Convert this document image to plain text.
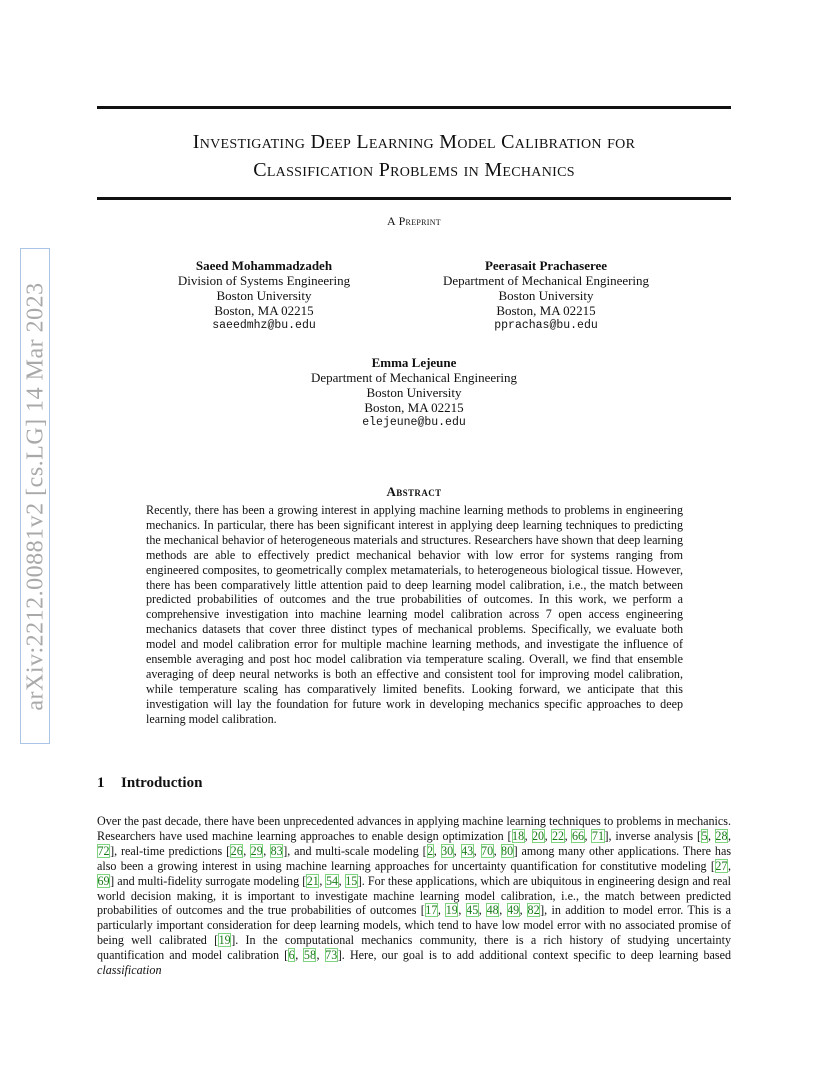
arXiv:2212.00881v2 [cs.LG] 14 Mar 2023
Investigating Deep Learning Model Calibration for
Classification Problems in Mechanics
A Preprint
Saeed Mohammadzadeh
Division of Systems Engineering
Boston University
Boston, MA 02215
saeedmhz@bu.edu
Peerasait Prachaseree
Department of Mechanical Engineering
Boston University
Boston, MA 02215
pprachas@bu.edu
Emma Lejeune
Department of Mechanical Engineering
Boston University
Boston, MA 02215
elejeune@bu.edu
Abstract
Recently, there has been a growing interest in applying machine learning methods to problems in engineering mechanics. In particular, there has been significant interest in applying deep learning techniques to predicting the mechanical behavior of heterogeneous materials and structures. Researchers have shown that deep learning methods are able to effectively predict mechanical behavior with low error for systems ranging from engineered composites, to geometrically complex metamaterials, to heterogeneous biological tissue. However, there has been comparatively little attention paid to deep learning model calibration, i.e., the match between predicted probabilities of outcomes and the true probabilities of outcomes. In this work, we perform a comprehensive investigation into machine learning model calibration across 7 open access engineering mechanics datasets that cover three distinct types of mechanical problems. Specifically, we evaluate both model and model calibration error for multiple machine learning methods, and investigate the influence of ensemble averaging and post hoc model calibration via temperature scaling. Overall, we find that ensemble averaging of deep neural networks is both an effective and consistent tool for improving model calibration, while temperature scaling has comparatively limited benefits. Looking forward, we anticipate that this investigation will lay the foundation for future work in developing mechanics specific approaches to deep learning model calibration.
1 Introduction
Over the past decade, there have been unprecedented advances in applying machine learning techniques to problems in mechanics. Researchers have used machine learning approaches to enable design optimization [18, 20, 22, 66, 71], inverse analysis [5, 28, 72], real-time predictions [26, 29, 83], and multi-scale modeling [2, 30, 43, 70, 80] among many other applications. There has also been a growing interest in using machine learning approaches for uncertainty quantification for constitutive modeling [27, 69] and multi-fidelity surrogate modeling [21, 54, 15]. For these applications, which are ubiquitous in engineering design and real world decision making, it is important to investigate machine learning model calibration, i.e., the match between predicted probabilities of outcomes and the true probabilities of outcomes [17, 19, 45, 48, 49, 82], in addition to model error. This is a particularly important consideration for deep learning models, which tend to have low model error with no associated promise of being well calibrated [19]. In the computational mechanics community, there is a rich history of studying uncertainty quantification and model calibration [6, 58, 73]. Here, our goal is to add additional context specific to deep learning based classification
